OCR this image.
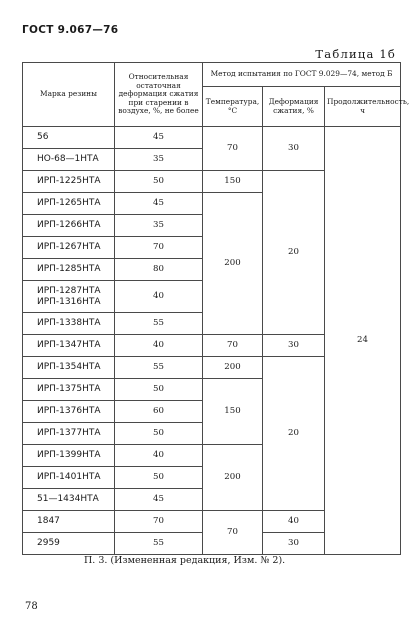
ГОСТ 9.067—76
Таблица 1б
Марка резины	Относительная остаточная деформация сжатия при старении в воздухе, %, не более	Метод испытания по ГОСТ 9.029—74, метод Б		
		Температура, °С	Деформация сжатия, %	Продолжительность, ч
56	45	70	30	24
НО-68—1НТА	35			
ИРП-1225НТА	50	150	20	
ИРП-1265НТА	45	200		
ИРП-1266НТА	35			
ИРП-1267НТА	70			
ИРП-1285НТА	80			
ИРП-1287НТА
ИРП-1316НТА	40			
ИРП-1338НТА	55			
ИРП-1347НТА	40	70	30	
ИРП-1354НТА	55	200	20	
ИРП-1375НТА	50	150		
ИРП-1376НТА	60			
ИРП-1377НТА	50			
ИРП-1399НТА	40	200		
ИРП-1401НТА	50			
51—1434НТА	45			
1847	70	70	40	
2959	55		30	
П. 3. (Измененная редакция, Изм. № 2).
78
